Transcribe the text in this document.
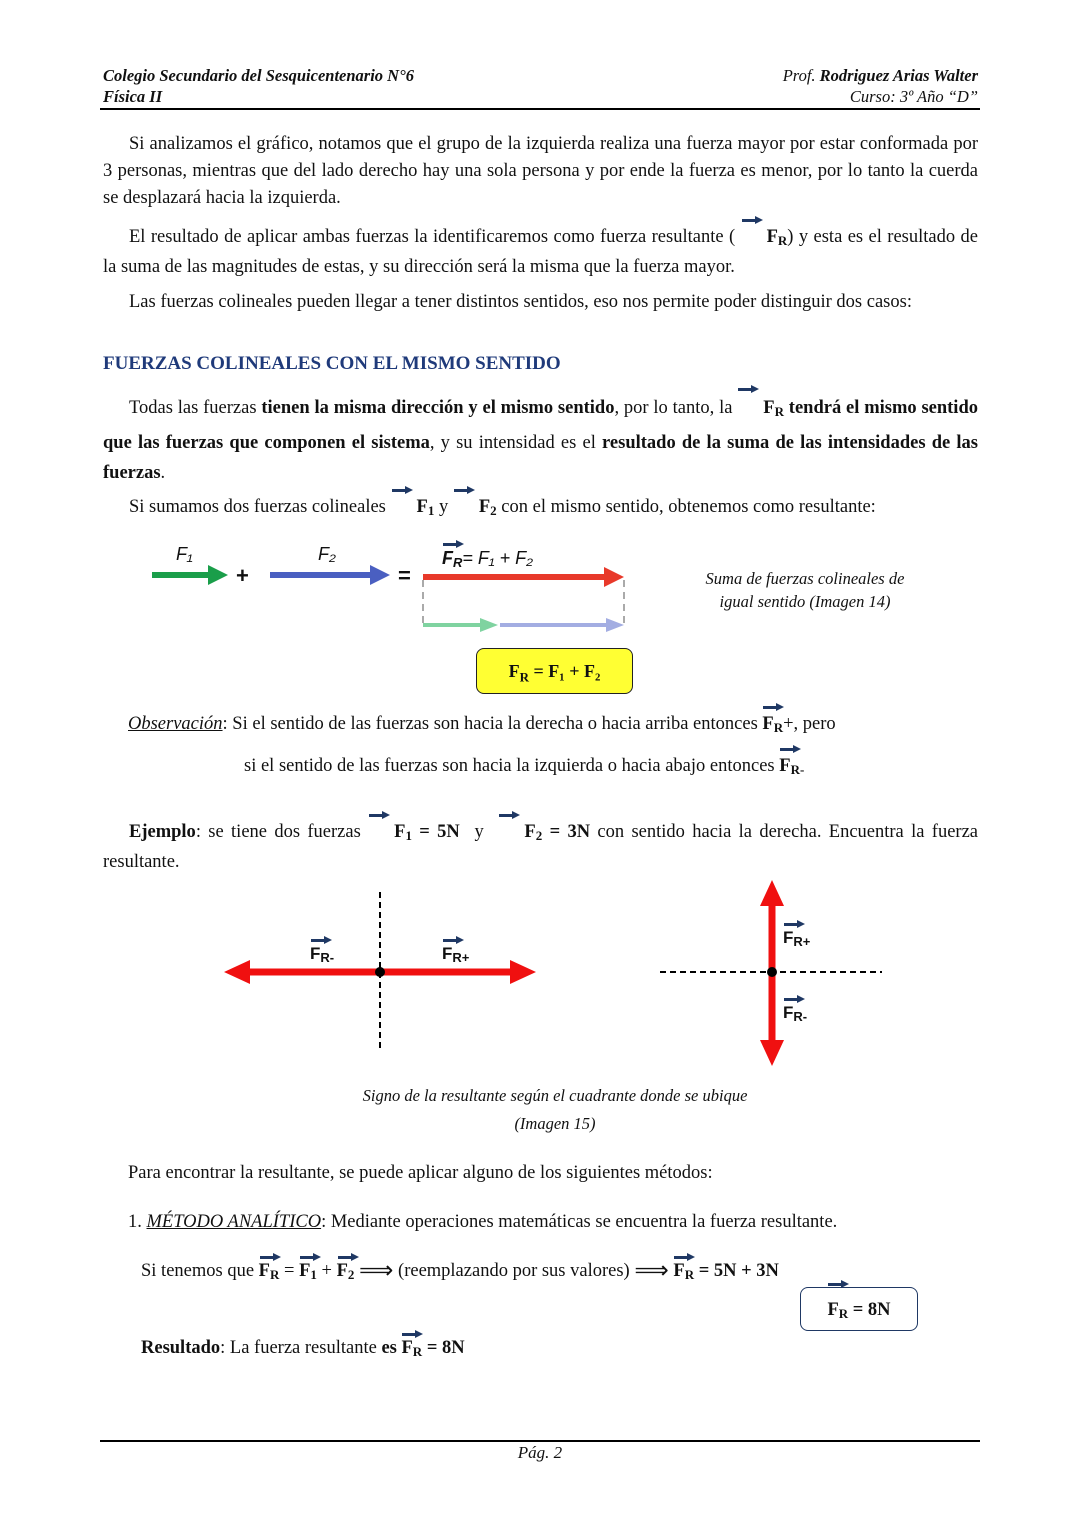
Colegio Secundario del Sesquicentenario N°6
Física II
Prof. Rodriguez Arias Walter
Curso: 3º Año “D”
Si analizamos el gráfico, notamos que el grupo de la izquierda realiza una fuerza mayor por estar conformada por 3 personas, mientras que del lado derecho hay una sola persona y por ende la fuerza es menor, por lo tanto la cuerda se desplazará hacia la izquierda.
El resultado de aplicar ambas fuerzas la identificaremos como fuerza resultante ( $F_R$) y esta es el resultado de la suma de las magnitudes de estas, y su dirección será la misma que la fuerza mayor.
Las fuerzas colineales pueden llegar a tener distintos sentidos, eso nos permite poder distinguir dos casos:
FUERZAS COLINEALES CON EL MISMO SENTIDO
Todas las fuerzas tienen la misma dirección y el mismo sentido, por lo tanto, la $F_R$ tendrá el mismo sentido que las fuerzas que componen el sistema, y su intensidad es el resultado de la suma de las intensidades de las fuerzas.
Si sumamos dos fuerzas colineales $F_1$ y $F_2$ con el mismo sentido, obtenemos como resultante:
F₁
+
F₂
=
$F_R= F_1 + F_2$
$F_R = F_1 + F_2$
Suma de fuerzas colineales de
igual sentido (Imagen 14)
Observación: Si el sentido de las fuerzas son hacia la derecha o hacia arriba entonces $F_R+$, pero
si el sentido de las fuerzas son hacia la izquierda o hacia abajo entonces $F_{R-}$
Ejemplo: se tiene dos fuerzas $F_1 = 5N$  y  $F_2 = 3N$ con sentido hacia la derecha. Encuentra la fuerza resultante.
$F_{R-}$	$F_{R+}$
$F_{R+}$
$F_{R-}$
Signo de la resultante según el cuadrante donde se ubique
(Imagen 15)
Para encontrar la resultante, se puede aplicar alguno de los siguientes métodos:
1. MÉTODO ANALÍTICO: Mediante operaciones matemáticas se encuentra la fuerza resultante.
Si tenemos que $F_R = F_1 + F_2$ ⟹ (reemplazando por sus valores) ⟹ $F_R = 5N + 3N$
$F_R = 8N$
Resultado: La fuerza resultante es $F_R = 8N$
Pág. 2
